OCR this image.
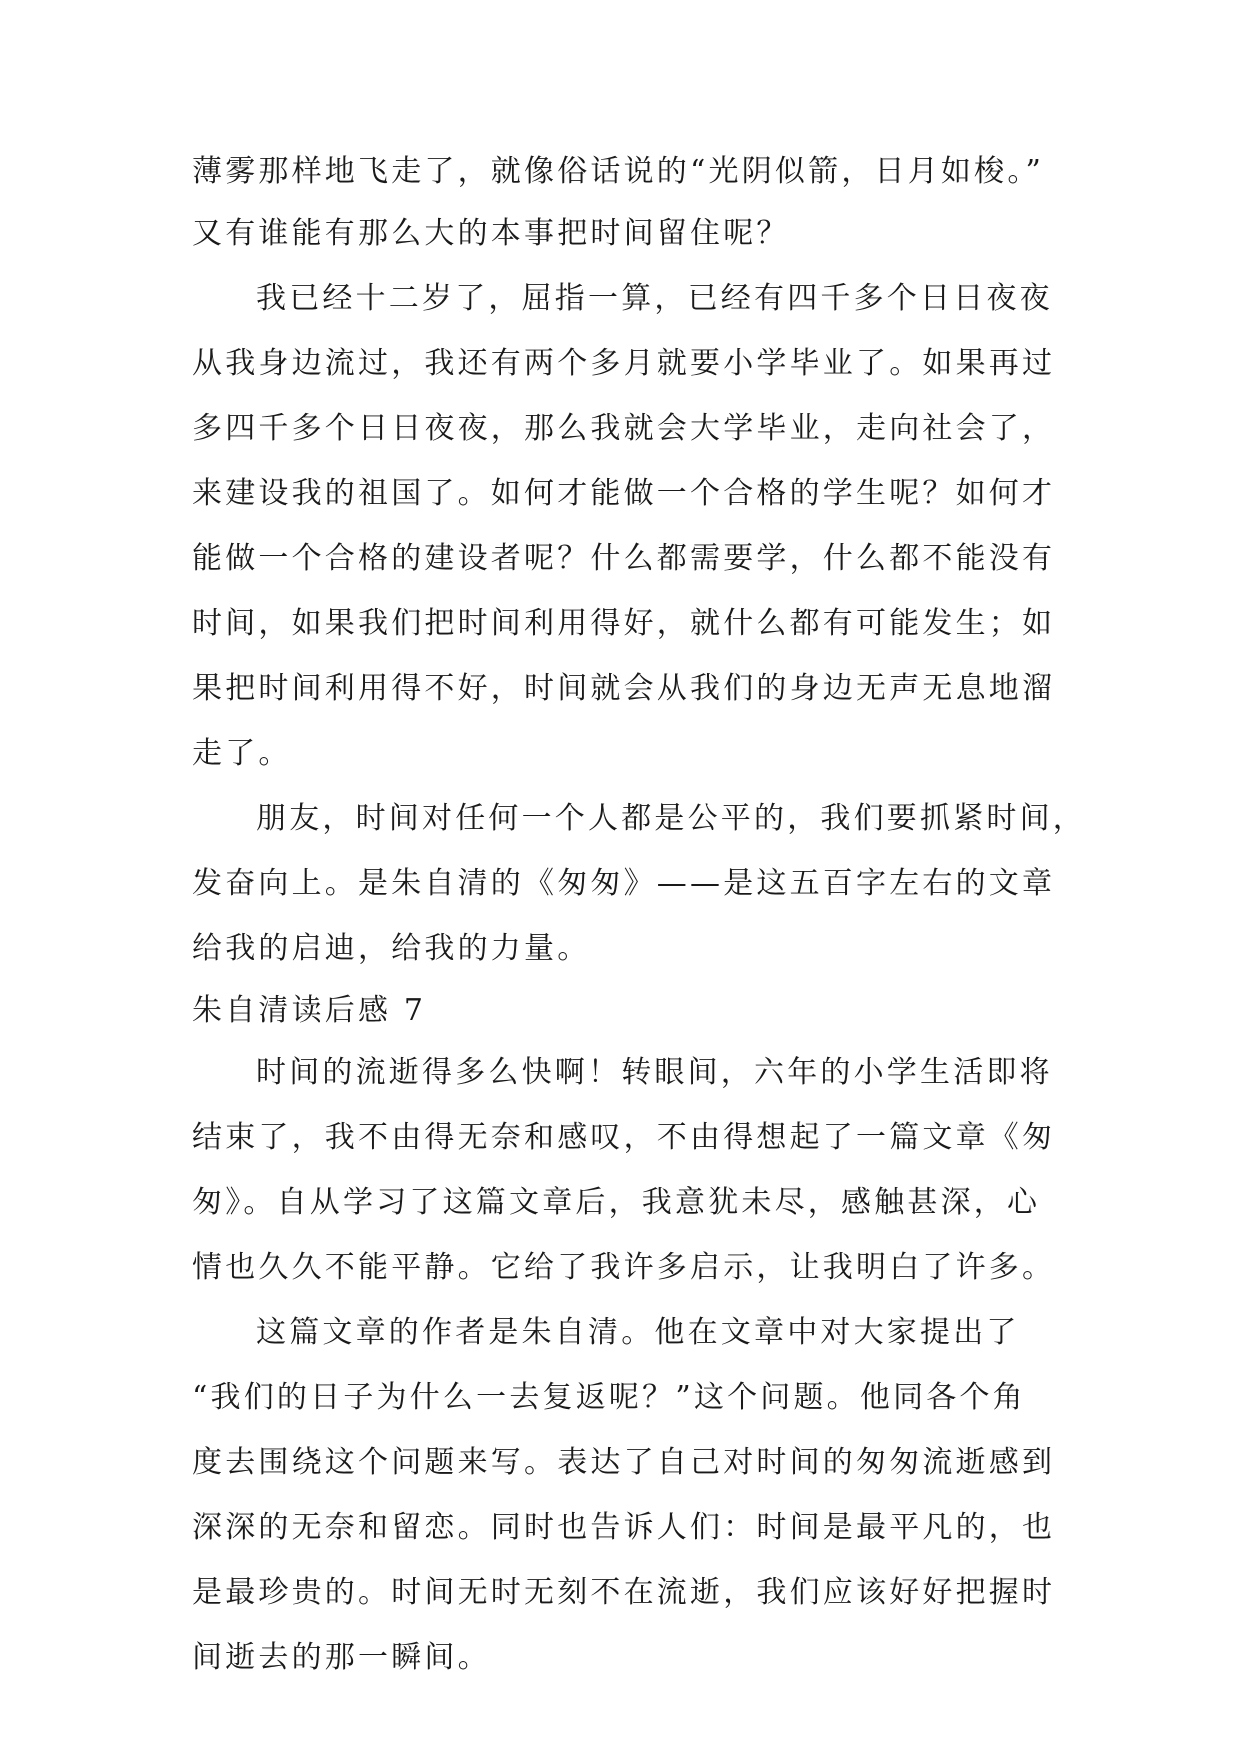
薄雾那样地飞走了，就像俗话说的“光阴似箭，日月如梭。”

又有谁能有那么大的本事把时间留住呢？

我已经十二岁了，屈指一算，已经有四千多个日日夜夜

从我身边流过，我还有两个多月就要小学毕业了。如果再过

多四千多个日日夜夜，那么我就会大学毕业，走向社会了，

来建设我的祖国了。如何才能做一个合格的学生呢？如何才

能做一个合格的建设者呢？什么都需要学，什么都不能没有

时间，如果我们把时间利用得好，就什么都有可能发生；如

果把时间利用得不好，时间就会从我们的身边无声无息地溜

走了。

朋友，时间对任何一个人都是公平的，我们要抓紧时间，

发奋向上。是朱自清的《匆匆》——是这五百字左右的文章

给我的启迪，给我的力量。

朱自清读后感 7

时间的流逝得多么快啊！转眼间，六年的小学生活即将

结束了，我不由得无奈和感叹，不由得想起了一篇文章《匆

匆》。自从学习了这篇文章后，我意犹未尽，感触甚深，心

情也久久不能平静。它给了我许多启示，让我明白了许多。

这篇文章的作者是朱自清。他在文章中对大家提出了

“我们的日子为什么一去复返呢？”这个问题。他同各个角

度去围绕这个问题来写。表达了自己对时间的匆匆流逝感到

深深的无奈和留恋。同时也告诉人们：时间是最平凡的，也

是最珍贵的。时间无时无刻不在流逝，我们应该好好把握时

间逝去的那一瞬间。
